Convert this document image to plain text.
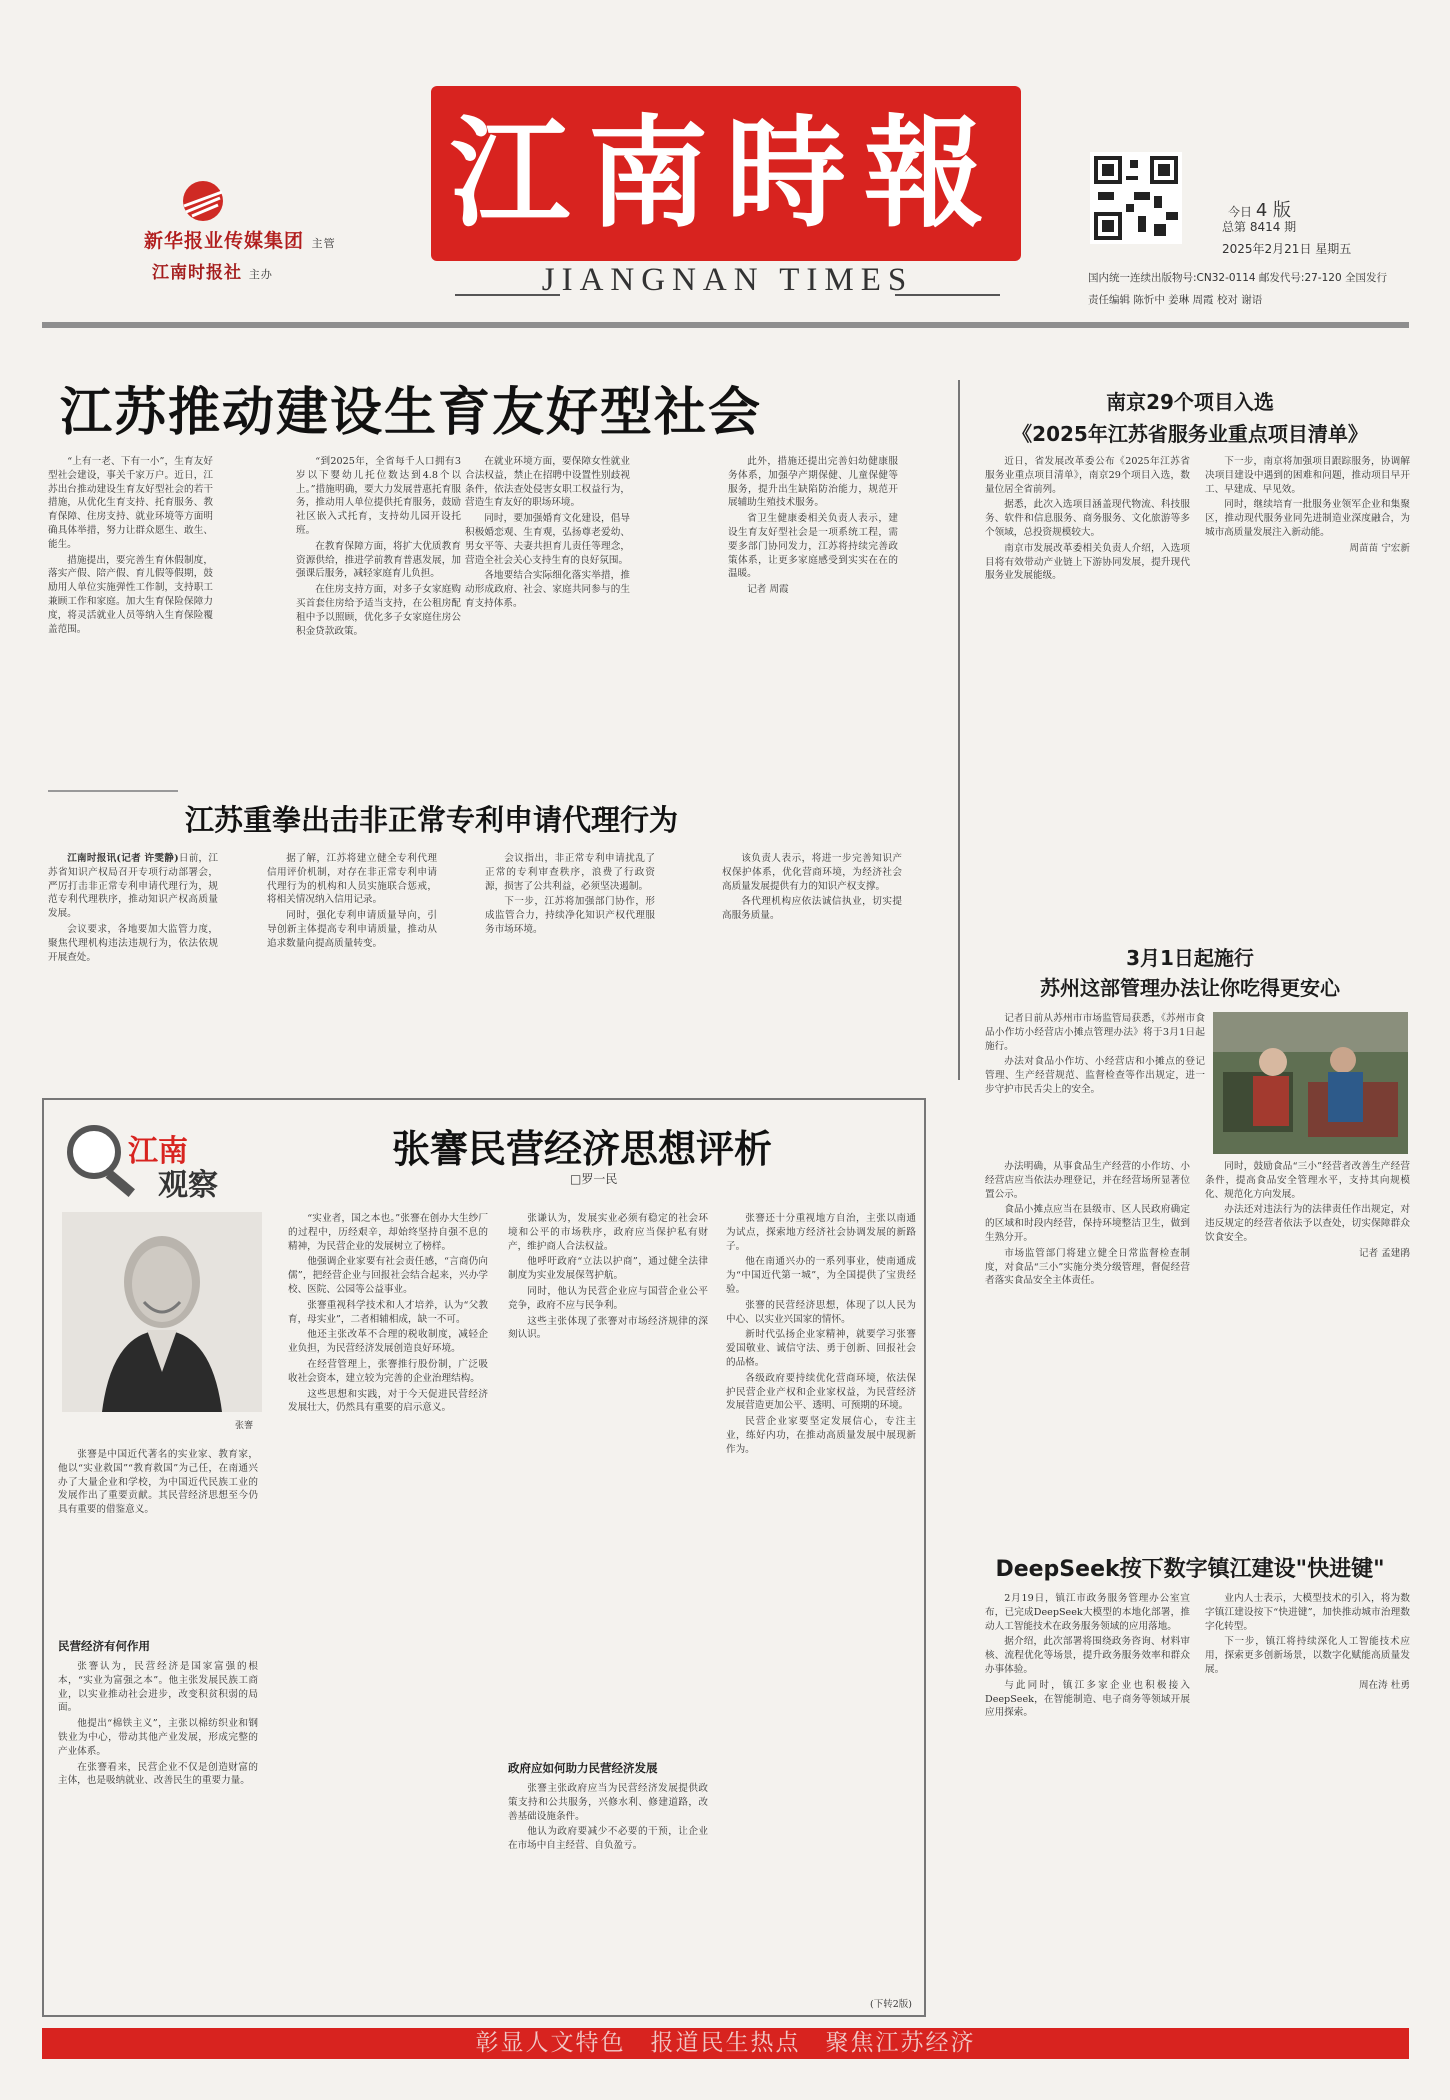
新华报业传媒集团 主管
江南时报社 主办
江南時報
JIANGNAN TIMES
今日 4 版
总第 8414 期
2025年2月21日 星期五
国内统一连续出版物号:CN32-0114 邮发代号:27-120 全国发行
责任编辑 陈忻中 姜琳 周霞 校对 谢语
江苏推动建设生育友好型社会

“上有一老、下有一小”，生育友好型社会建设，事关千家万户。近日，江苏出台推动建设生育友好型社会的若干措施，从优化生育支持、托育服务、教育保障、住房支持、就业环境等方面明确具体举措，努力让群众愿生、敢生、能生。

措施提出，要完善生育休假制度，落实产假、陪产假、育儿假等假期，鼓励用人单位实施弹性工作制，支持职工兼顾工作和家庭。加大生育保险保障力度，将灵活就业人员等纳入生育保险覆盖范围。

“到2025年，全省每千人口拥有3岁以下婴幼儿托位数达到4.8个以上。”措施明确，要大力发展普惠托育服务，推动用人单位提供托育服务，鼓励社区嵌入式托育，支持幼儿园开设托班。

在教育保障方面，将扩大优质教育资源供给，推进学前教育普惠发展，加强课后服务，减轻家庭育儿负担。

在住房支持方面，对多子女家庭购买首套住房给予适当支持，在公租房配租中予以照顾，优化多子女家庭住房公积金贷款政策。

在就业环境方面，要保障女性就业合法权益，禁止在招聘中设置性别歧视条件，依法查处侵害女职工权益行为，营造生育友好的职场环境。

同时，要加强婚育文化建设，倡导积极婚恋观、生育观，弘扬尊老爱幼、男女平等、夫妻共担育儿责任等理念，营造全社会关心支持生育的良好氛围。

各地要结合实际细化落实举措，推动形成政府、社会、家庭共同参与的生育支持体系。

此外，措施还提出完善妇幼健康服务体系，加强孕产期保健、儿童保健等服务，提升出生缺陷防治能力，规范开展辅助生殖技术服务。

省卫生健康委相关负责人表示，建设生育友好型社会是一项系统工程，需要多部门协同发力，江苏将持续完善政策体系，让更多家庭感受到实实在在的温暖。

记者 周霞

江苏重拳出击非正常专利申请代理行为

江南时报讯(记者 许雯静)日前，江苏省知识产权局召开专项行动部署会，严厉打击非正常专利申请代理行为，规范专利代理秩序，推动知识产权高质量发展。

会议要求，各地要加大监管力度，聚焦代理机构违法违规行为，依法依规开展查处。

据了解，江苏将建立健全专利代理信用评价机制，对存在非正常专利申请代理行为的机构和人员实施联合惩戒，将相关情况纳入信用记录。

同时，强化专利申请质量导向，引导创新主体提高专利申请质量，推动从追求数量向提高质量转变。

会议指出，非正常专利申请扰乱了正常的专利审查秩序，浪费了行政资源，损害了公共利益，必须坚决遏制。

下一步，江苏将加强部门协作，形成监管合力，持续净化知识产权代理服务市场环境。

该负责人表示，将进一步完善知识产权保护体系，优化营商环境，为经济社会高质量发展提供有力的知识产权支撑。

各代理机构应依法诚信执业，切实提高服务质量。

南京29个项目入选
《2025年江苏省服务业重点项目清单》

近日，省发展改革委公布《2025年江苏省服务业重点项目清单》，南京29个项目入选，数量位居全省前列。

据悉，此次入选项目涵盖现代物流、科技服务、软件和信息服务、商务服务、文化旅游等多个领域，总投资规模较大。

南京市发展改革委相关负责人介绍，入选项目将有效带动产业链上下游协同发展，提升现代服务业发展能级。

下一步，南京将加强项目跟踪服务，协调解决项目建设中遇到的困难和问题，推动项目早开工、早建成、早见效。

同时，继续培育一批服务业领军企业和集聚区，推动现代服务业同先进制造业深度融合，为城市高质量发展注入新动能。

周苗苗 宁宏新

3月1日起施行
苏州这部管理办法让你吃得更安心

记者日前从苏州市市场监管局获悉，《苏州市食品小作坊小经营店小摊点管理办法》将于3月1日起施行。

办法对食品小作坊、小经营店和小摊点的登记管理、生产经营规范、监督检查等作出规定，进一步守护市民舌尖上的安全。

办法明确，从事食品生产经营的小作坊、小经营店应当依法办理登记，并在经营场所显著位置公示。

食品小摊点应当在县级市、区人民政府确定的区域和时段内经营，保持环境整洁卫生，做到生熟分开。

市场监管部门将建立健全日常监督检查制度，对食品“三小”实施分类分级管理，督促经营者落实食品安全主体责任。

同时，鼓励食品“三小”经营者改善生产经营条件，提高食品安全管理水平，支持其向规模化、规范化方向发展。

办法还对违法行为的法律责任作出规定，对违反规定的经营者依法予以查处，切实保障群众饮食安全。

记者 孟建鹃

DeepSeek按下数字镇江建设"快进键"

2月19日，镇江市政务服务管理办公室宣布，已完成DeepSeek大模型的本地化部署，推动人工智能技术在政务服务领域的应用落地。

据介绍，此次部署将围绕政务咨询、材料审核、流程优化等场景，提升政务服务效率和群众办事体验。

与此同时，镇江多家企业也积极接入DeepSeek，在智能制造、电子商务等领域开展应用探索。

业内人士表示，大模型技术的引入，将为数字镇江建设按下“快进键”，加快推动城市治理数字化转型。

下一步，镇江将持续深化人工智能技术应用，探索更多创新场景，以数字化赋能高质量发展。

周在涛 杜勇

江南
观察
张謇民营经济思想评析
□罗一民
张謇

张謇是中国近代著名的实业家、教育家，他以“实业救国”“教育救国”为己任，在南通兴办了大量企业和学校，为中国近代民族工业的发展作出了重要贡献。其民营经济思想至今仍具有重要的借鉴意义。

民营经济有何作用

张謇认为，民营经济是国家富强的根本，“实业为富强之本”。他主张发展民族工商业，以实业推动社会进步，改变积贫积弱的局面。

他提出“棉铁主义”，主张以棉纺织业和钢铁业为中心，带动其他产业发展，形成完整的产业体系。

在张謇看来，民营企业不仅是创造财富的主体，也是吸纳就业、改善民生的重要力量。

“实业者，国之本也。”张謇在创办大生纱厂的过程中，历经艰辛，却始终坚持自强不息的精神，为民营企业的发展树立了榜样。

他强调企业家要有社会责任感，“言商仍向儒”，把经营企业与回报社会结合起来，兴办学校、医院、公园等公益事业。

张謇重视科学技术和人才培养，认为“父教育，母实业”，二者相辅相成，缺一不可。

他还主张改革不合理的税收制度，减轻企业负担，为民营经济发展创造良好环境。

在经营管理上，张謇推行股份制，广泛吸收社会资本，建立较为完善的企业治理结构。

这些思想和实践，对于今天促进民营经济发展壮大，仍然具有重要的启示意义。

张谦认为，发展实业必须有稳定的社会环境和公平的市场秩序，政府应当保护私有财产，维护商人合法权益。

他呼吁政府“立法以护商”，通过健全法律制度为实业发展保驾护航。

同时，他认为民营企业应与国营企业公平竞争，政府不应与民争利。

这些主张体现了张謇对市场经济规律的深刻认识。

政府应如何助力民营经济发展

张謇主张政府应当为民营经济发展提供政策支持和公共服务，兴修水利、修建道路，改善基础设施条件。

他认为政府要减少不必要的干预，让企业在市场中自主经营、自负盈亏。

张謇还十分重视地方自治，主张以南通为试点，探索地方经济社会协调发展的新路子。

他在南通兴办的一系列事业，使南通成为“中国近代第一城”，为全国提供了宝贵经验。

张謇的民营经济思想，体现了以人民为中心、以实业兴国家的情怀。

新时代弘扬企业家精神，就要学习张謇爱国敬业、诚信守法、勇于创新、回报社会的品格。

各级政府要持续优化营商环境，依法保护民营企业产权和企业家权益，为民营经济发展营造更加公平、透明、可预期的环境。

民营企业家要坚定发展信心，专注主业，练好内功，在推动高质量发展中展现新作为。

(下转2版)
彰显人文特色　报道民生热点　聚焦江苏经济
